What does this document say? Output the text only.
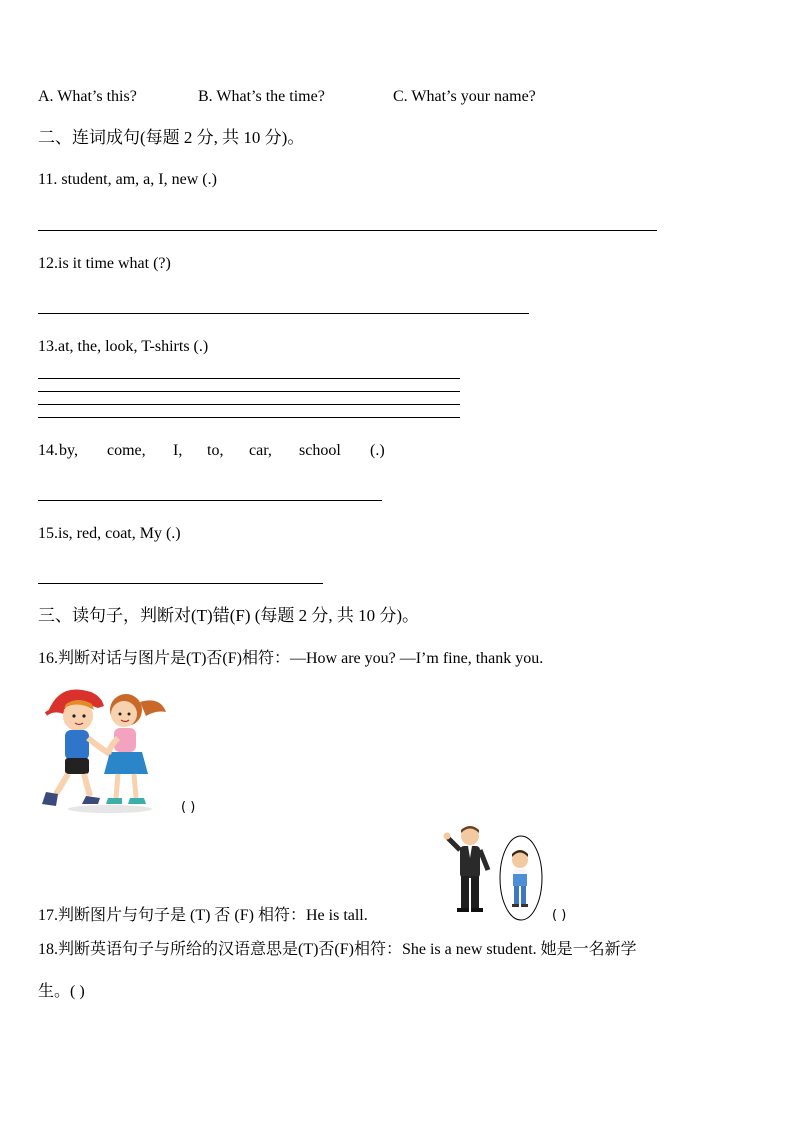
A. What’s this?	B. What’s the time?	C. What’s your name?
二、连词成句(每题 2 分, 共 10 分)。
11. student, am, a, I, new (.)
12.is it time what (?)
13.at, the, look, T-shirts (.)
14. by, come, I, to, car, school (.)
15.is, red, coat, My (.)
三、读句子，判断对(T)错(F) (每题 2 分, 共 10 分)。
16.判断对话与图片是(T)否(F)相符：—How are you? —I’m fine, thank you.
( )
17.判断图片与句子是 (T) 否 (F) 相符：He is tall.	( )
18.判断英语句子与所给的汉语意思是(T)否(F)相符：She is a new student. 她是一名新学
生。( )
